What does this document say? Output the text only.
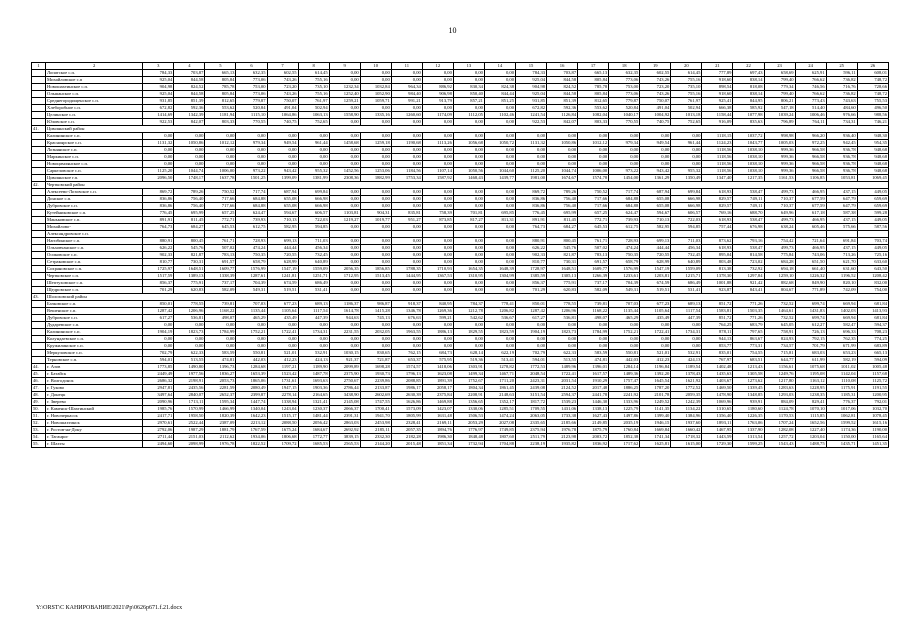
10
1	2	3	4	5	6	7	8	9	10	11	12	13	14	15	16	17	18	19	20	21	22	23	24	25	26
	Лопатское с.п.	784,33	703,87	665,13	632,35	602,55	614,45	0,00	0,00	0,00	0,00	0,00	0,00	784,33	703,87	665,13	632,35	602,55	614,45	777,89	697,43	658,69	625,91	596,11	608,01
	Михайловское с.п	925,04	844,58	805,84	773,06	743,26	755,16	0,00	0,00	0,00	0,00	0,00	0,00	925,04	844,58	805,84	773,06	743,26	755,16	918,60	838,14	799,40	766,62	736,82	748,72
	Новошахтинское с.п.	904,98	824,52	785,78	753,00	723,20	735,10	1232,34	1032,84	964,34	886,92	830,34	824,38	904,98	824,52	785,78	753,00	723,20	735,10	898,54	818,08	779,34	746,56	716,76	728,66
	Ольшанское с.п.	925,04	844,58	805,84	773,06	743,26	755,16	1252,40	1052,90	984,40	906,98	850,40	844,44	925,04	844,58	805,84	773,06	743,26	755,16	918,60	838,14	799,40	766,62	736,82	748,72
	Среднегородищенское с.п.	931,85	851,39	812,65	779,87	750,07	761,97	1259,21	1059,71	991,21	913,79	857,21	851,25	931,85	851,39	812,65	779,87	750,07	761,97	925,41	844,95	806,21	773,43	743,63	755,53
	Хлеборобное с.п.	672,82	592,36	553,62	520,84	491,04	502,94	0,00	0,00	0,00	0,00	0,00	0,00	672,82	592,36	553,62	520,84	491,04	502,94	666,38	585,92	547,18	514,40	484,60	496,50
	Целинское с.п.	1414,69	1342,39	1181,94	1115,10	1064,86	1063,13	1558,90	1335,16	1260,60	1174,09	1112,05	1102,46	1241,54	1126,84	1082,04	1040,17	1004,92	1013,18	1158,44	1077,98	1039,24	1006,46	976,66	988,56
	Юловское с.п.	922,53	842,07	803,33	770,55	740,75	752,65	0,00	0,00	0,00	0,00	0,00	0,00	922,53	842,07	803,33	770,55	740,75	752,65	916,09	835,63	796,89	764,11	734,31	746,21
41.	Цимлянский район																								
	Калининское с.п.	0,00	0,00	0,00	0,00	0,00	0,00	0,00	0,00	0,00	0,00	0,00	0,00	0,00	0,00	0,00	0,00	0,00	0,00	1118,15	1037,72	998,98	966,20	936,40	948,30
	Красноярское с.п.	1131,32	1050,86	1012,12	979,34	949,54	961,44	1458,68	1259,18	1190,68	1113,26	1056,68	1050,72	1131,32	1050,86	1012,12	979,34	949,54	961,44	1124,23	1043,77	1005,03	972,25	942,45	954,35
	Лознянское с.п.	0,00	0,00	0,00	0,00	0,00	0,00	0,00	0,00	0,00	0,00	0,00	0,00	0,00	0,00	0,00	0,00	0,00	0,00	1118,56	1038,10	999,36	966,58	936,78	948,68
	Маркинское с.п.	0,00	0,00	0,00	0,00	0,00	0,00	0,00	0,00	0,00	0,00	0,00	0,00	0,00	0,00	0,00	0,00	0,00	0,00	1118,56	1038,10	999,36	966,58	936,78	948,68
	Новоцимлянское с.п.	0,00	0,00	0,00	0,00	0,00	0,00	0,00	0,00	0,00	0,00	0,00	0,00	0,00	0,00	0,00	0,00	0,00	0,00	1118,56	1038,10	999,36	966,58	936,78	948,68
	Саркеловское с.п.	1125,20	1044,74	1006,00	973,22	943,42	955,32	1452,56	1253,06	1184,56	1107,14	1050,56	1044,60	1125,20	1044,74	1006,00	973,22	943,42	955,32	1118,56	1038,10	999,36	966,58	936,78	948,68
	Цимлянское г.п.	2096,50	1748,17	1637,78	1501,25	1399,09	1381,99	2308,36	1882,99	1753,34	1587,92	1468,43	1439,77	1981,00	1674,67	1574,78	1454,00	1361,29	1350,49	1347,40	1217,35	1161,53	1106,85	1053,81	1069,45
42.	Чертковский район																								
	Алексеево-Лозовское с.п.	869,72	789,26	750,52	717,74	687,94	699,84	0,00	0,00	0,00	0,00	0,00	0,00	869,72	789,26	750,52	717,74	687,94	699,84	618,93	538,47	499,73	466,95	437,15	449,05
	Донское с.п.	836,86	756,40	717,66	684,88	655,08	666,98	0,00	0,00	0,00	0,00	0,00	0,00	836,86	756,40	717,66	684,88	655,08	666,98	829,57	749,11	710,37	677,59	647,79	659,69
	Дубровское с.п.	836,86	756,40	717,66	684,88	655,08	666,98	0,00	0,00	0,00	0,00	0,00	0,00	836,86	756,40	717,66	684,88	655,08	666,98	829,57	749,11	710,37	677,59	647,79	659,69
	Кутейниковское с.п.	776,45	695,99	657,25	624,47	594,67	606,57	1103,81	904,31	835,81	758,39	701,81	695,85	776,45	695,99	657,25	624,47	594,67	606,57	769,16	688,70	649,96	617,18	587,38	599,28
	Маньковское с.п.	891,91	811,45	772,71	739,93	710,13	722,03	1219,27	1019,77	951,27	873,85	817,27	811,31	891,91	811,45	772,71	739,93	710,13	722,03	618,93	538,47	499,73	466,95	437,15	449,05
	Михайлово-	764,73	684,27	645,53	612,75	582,95	594,85	0,00	0,00	0,00	0,00	0,00	0,00	764,73	684,27	645,53	612,75	582,95	594,85	757,44	676,98	638,24	605,46	575,66	587,56
	Александровское с.п.																								
	Нагибинское с.п.	880,91	800,45	761,71	728,93	699,13	711,03	0,00	0,00	0,00	0,00	0,00	0,00	880,91	800,45	761,71	728,93	699,13	711,03	873,62	793,16	754,42	721,64	691,84	703,74
	Ольховчанское с.п.	626,22	545,76	507,02	474,24	444,44	456,34	0,00	0,00	0,00	0,00	0,00	0,00	626,22	545,76	507,02	474,24	444,44	456,34	618,93	538,47	499,73	466,95	437,15	449,05
	Осиковское с.п.	902,33	821,87	783,13	750,35	720,55	732,45	0,00	0,00	0,00	0,00	0,00	0,00	902,33	821,87	783,13	750,35	720,55	732,45	895,04	814,58	775,84	743,06	713,26	725,16
	Сетраковское с.п.	810,77	730,31	691,57	658,79	628,99	640,89	0,00	0,00	0,00	0,00	0,00	0,00	810,77	730,31	691,57	658,79	628,99	640,89	803,48	723,02	684,28	651,50	621,70	633,60
	Сохрановское с.п.	1725,97	1648,51	1609,77	1576,99	1547,19	1559,09	2056,35	1856,85	1788,35	1710,93	1654,35	1648,39	1728,97	1648,51	1609,77	1576,99	1547,19	1559,09	813,38	732,92	694,18	661,40	631,60	643,50
	Чертковское с.п.	1517,59	1389,13	1338,39	1287,61	1241,81	1251,71	1712,95	1513,45	1444,95	1367,53	1310,95	1304,99	1385,59	1305,13	1266,39	1233,61	1203,81	1215,71	1378,30	1297,84	1259,10	1226,32	1196,52	1208,42
	Шептуховское с.п.	856,37	775,91	737,17	704,39	674,59	686,49	0,00	0,00	0,00	0,00	0,00	0,00	856,37	775,91	737,17	704,39	674,59	686,49	1001,88	921,42	882,68	849,90	820,10	832,00
	Щедровское с.п.	701,29	620,83	582,09	549,31	519,51	531,41	0,00	0,00	0,00	0,00	0,00	0,00	701,29	620,83	582,09	549,31	519,51	531,41	923,87	843,41	804,67	771,89	742,09	754,00
43.	Шолоховский район																								
	Базковское с.п.	850,01	778,55	739,81	707,03	677,23	689,13	1186,37	986,87	918,37	840,95	784,37	778,41	850,01	778,55	739,81	707,03	677,23	689,13	851,72	771,26	732,52	699,74	669,94	681,84
	Вешенское с.п.	1287,42	1206,96	1168,22	1135,44	1105,64	1117,54	1614,78	1415,28	1346,78	1269,36	1212,78	1206,82	1287,42	1206,96	1168,22	1135,44	1105,64	1117,54	1583,81	1503,35	1464,61	1431,83	1402,03	1413,93
	Дубровское с.п.	617,27	536,81	498,07	465,29	435,49	447,39	944,63	745,13	676,63	599,21	542,62	536,67	617,27	536,81	498,07	465,29	435,49	447,39	851,72	771,26	732,52	699,74	669,94	681,84
	Дударевское с.п.	0,00	0,00	0,00	0,00	0,00	0,00	0,00	0,00	0,00	0,00	0,00	0,00	0,00	0,00	0,00	0,00	0,00	0,00	764,25	683,79	645,05	612,27	582,47	594,37
	Калининское с.п.	1904,19	1823,73	1784,99	1752,21	1722,41	1734,31	2231,55	2032,05	1963,55	1886,13	1829,55	1823,59	1904,19	1823,73	1784,99	1752,21	1722,41	1734,31	878,11	797,65	758,91	726,13	696,33	708,23
	Колундаевское с.п.	0,00	0,00	0,00	0,00	0,00	0,00	0,00	0,00	0,00	0,00	0,00	0,00	0,00	0,00	0,00	0,00	0,00	0,00	944,13	863,67	824,93	792,15	762,35	774,25
	Кружилинское с.п.	0,00	0,00	0,00	0,00	0,00	0,00	0,00	0,00	0,00	0,00	0,00	0,00	0,00	0,00	0,00	0,00	0,00	0,00	853,77	773,31	734,57	701,79	671,99	683,89
	Меркуловское с.п.	702,79	622,33	583,59	550,81	521,01	532,91	1030,15	830,65	762,15	684,73	628,14	622,19	702,79	622,33	583,59	550,81	521,01	532,91	835,01	754,55	715,81	683,03	653,23	665,13
	Терновское с.п.	594,01	513,55	474,81	442,03	412,23	424,13	921,37	721,87	653,37	575,95	519,36	513,41	594,01	513,55	474,81	442,03	412,23	424,13	767,97	683,51	644,77	611,99	582,19	594,09
44.	г. Азов	1773,85	1490,80	1396,73	1284,68	1197,21	1189,90	2099,89	1698,28	1574,57	1418,06	1303,91	1278,82	1772,53	1489,96	1396,01	1284,14	1196,84	1189,54	1402,48	1213,43	1156,61	1075,68	1011,02	1005,48
45.	г. Батайск	2449,49	1977,56	1836,27	1653,39	1523,42	1487,78	2375,90	1930,73	1796,13	1623,08	1499,34	1467,71	2048,54	1722,41	1617,57	1489,36	1392,20	1378,43	1435,63	1305,58	1249,76	1195,08	1142,04	1157,68
46.	г. Волгодонск	2686,32	2198,91	2053,73	1865,06	1731,61	1693,63	2750,67	2239,86	2088,85	1891,39	1752,67	1711,20	2423,31	2031,54	1910,29	1757,47	1645,54	1621,92	1403,67	1273,62	1217,80	1163,12	1110,08	1125,72
47.	г. Гуково	2947,81	2435,56	2281,59	2080,49	1947,15	1903,36	2786,44	2133,87	1986,17	2058,17	1804,34	1861,45	2439,08	2124,52	2017,48	1886,25	1787,20	1772,52	1469,50	1339,45	1283,63	1228,95	1175,91	1191,55
48.	г. Донецк	3497,64	2840,07	2652,37	2399,87	2278,14	2164,65	3438,90	2602,69	2630,39	2375,84	2208,91	2148,63	3151,54	2594,37	2441,78	2241,92	2101,78	2059,35	1478,90	1348,85	1293,03	1238,35	1185,31	1200,95
49.	г. Зверево	2090,96	1713,11	1595,34	1447,74	1338,94	1321,41	2145,08	1747,55	1626,86	1469,88	1356,65	1352,17	1817,72	1539,23	1446,30	1333,96	1249,52	1242,39	1069,96	939,91	884,09	829,41	776,37	792,01
50.	г. Каменск-Шахтинский	1985,76	1570,99	1466,99	1340,04	1243,04	1230,37	2066,37	1700,41	1573,09	1423,07	1330,06	1285,51	1709,55	1431,06	1338,13	1225,79	1141,35	1134,22	1310,65	1180,60	1124,78	1070,10	1017,06	1032,70
51.	г. Новочеркасск	2417,71	1958,50	1820,39	1642,23	1515,17	1481,44	2391,31	1941,70	1805,99	1631,48	1506,53	1474,24	2063,05	1733,38	1627,43	1497,86	1399,40	1384,96	1356,40	1226,35	1170,53	1115,85	1062,81	1078,45
52.	г. Новошахтинск	2970,61	2522,44	2387,09	2213,12	2088,50	2056,42	2863,03	2453,98	2328,41	2169,11	2053,29	2027,08	2335,65	2185,66	2149,85	2035,19	1946,15	1937,60	1893,11	1763,06	1707,24	1652,56	1599,52	1615,16
53.	г. Ростов-на-Дону	2792,06	1987,29	1881,79	1767,59	1675,24	1684,67	2692,92	2185,11	2057,35	1894,76	1776,97	1749,85	2375,94	1976,78	1875,79	1760,84	1669,84	1660,42	1467,95	1337,90	1282,08	1227,40	1174,36	1190,00
54.	г. Таганрог	2711,44	2151,03	2112,62	1934,06	1806,68	1772,77	3839,15	2332,30	2182,28	1986,30	1848,48	1807,60	2511,79	2123,98	2003,72	1852,38	1741,34	1718,32	1443,59	1313,54	1257,72	1203,04	1150,00	1165,64
55.	г. Шахты	2494,60	2098,99	1976,78	1822,52	1709,72	1685,53	2565,53	2144,20	2015,48	1851,34	1732,94	1704,88	2238,19	1935,82	1836,92	1717,62	1625,81	1615,00	1729,30	1599,25	1543,43	1488,75	1435,71	1451,35
Y:\ORST\C КАНИРОВАНИЕ\2021\Pp\0626p671.f.21.docx
